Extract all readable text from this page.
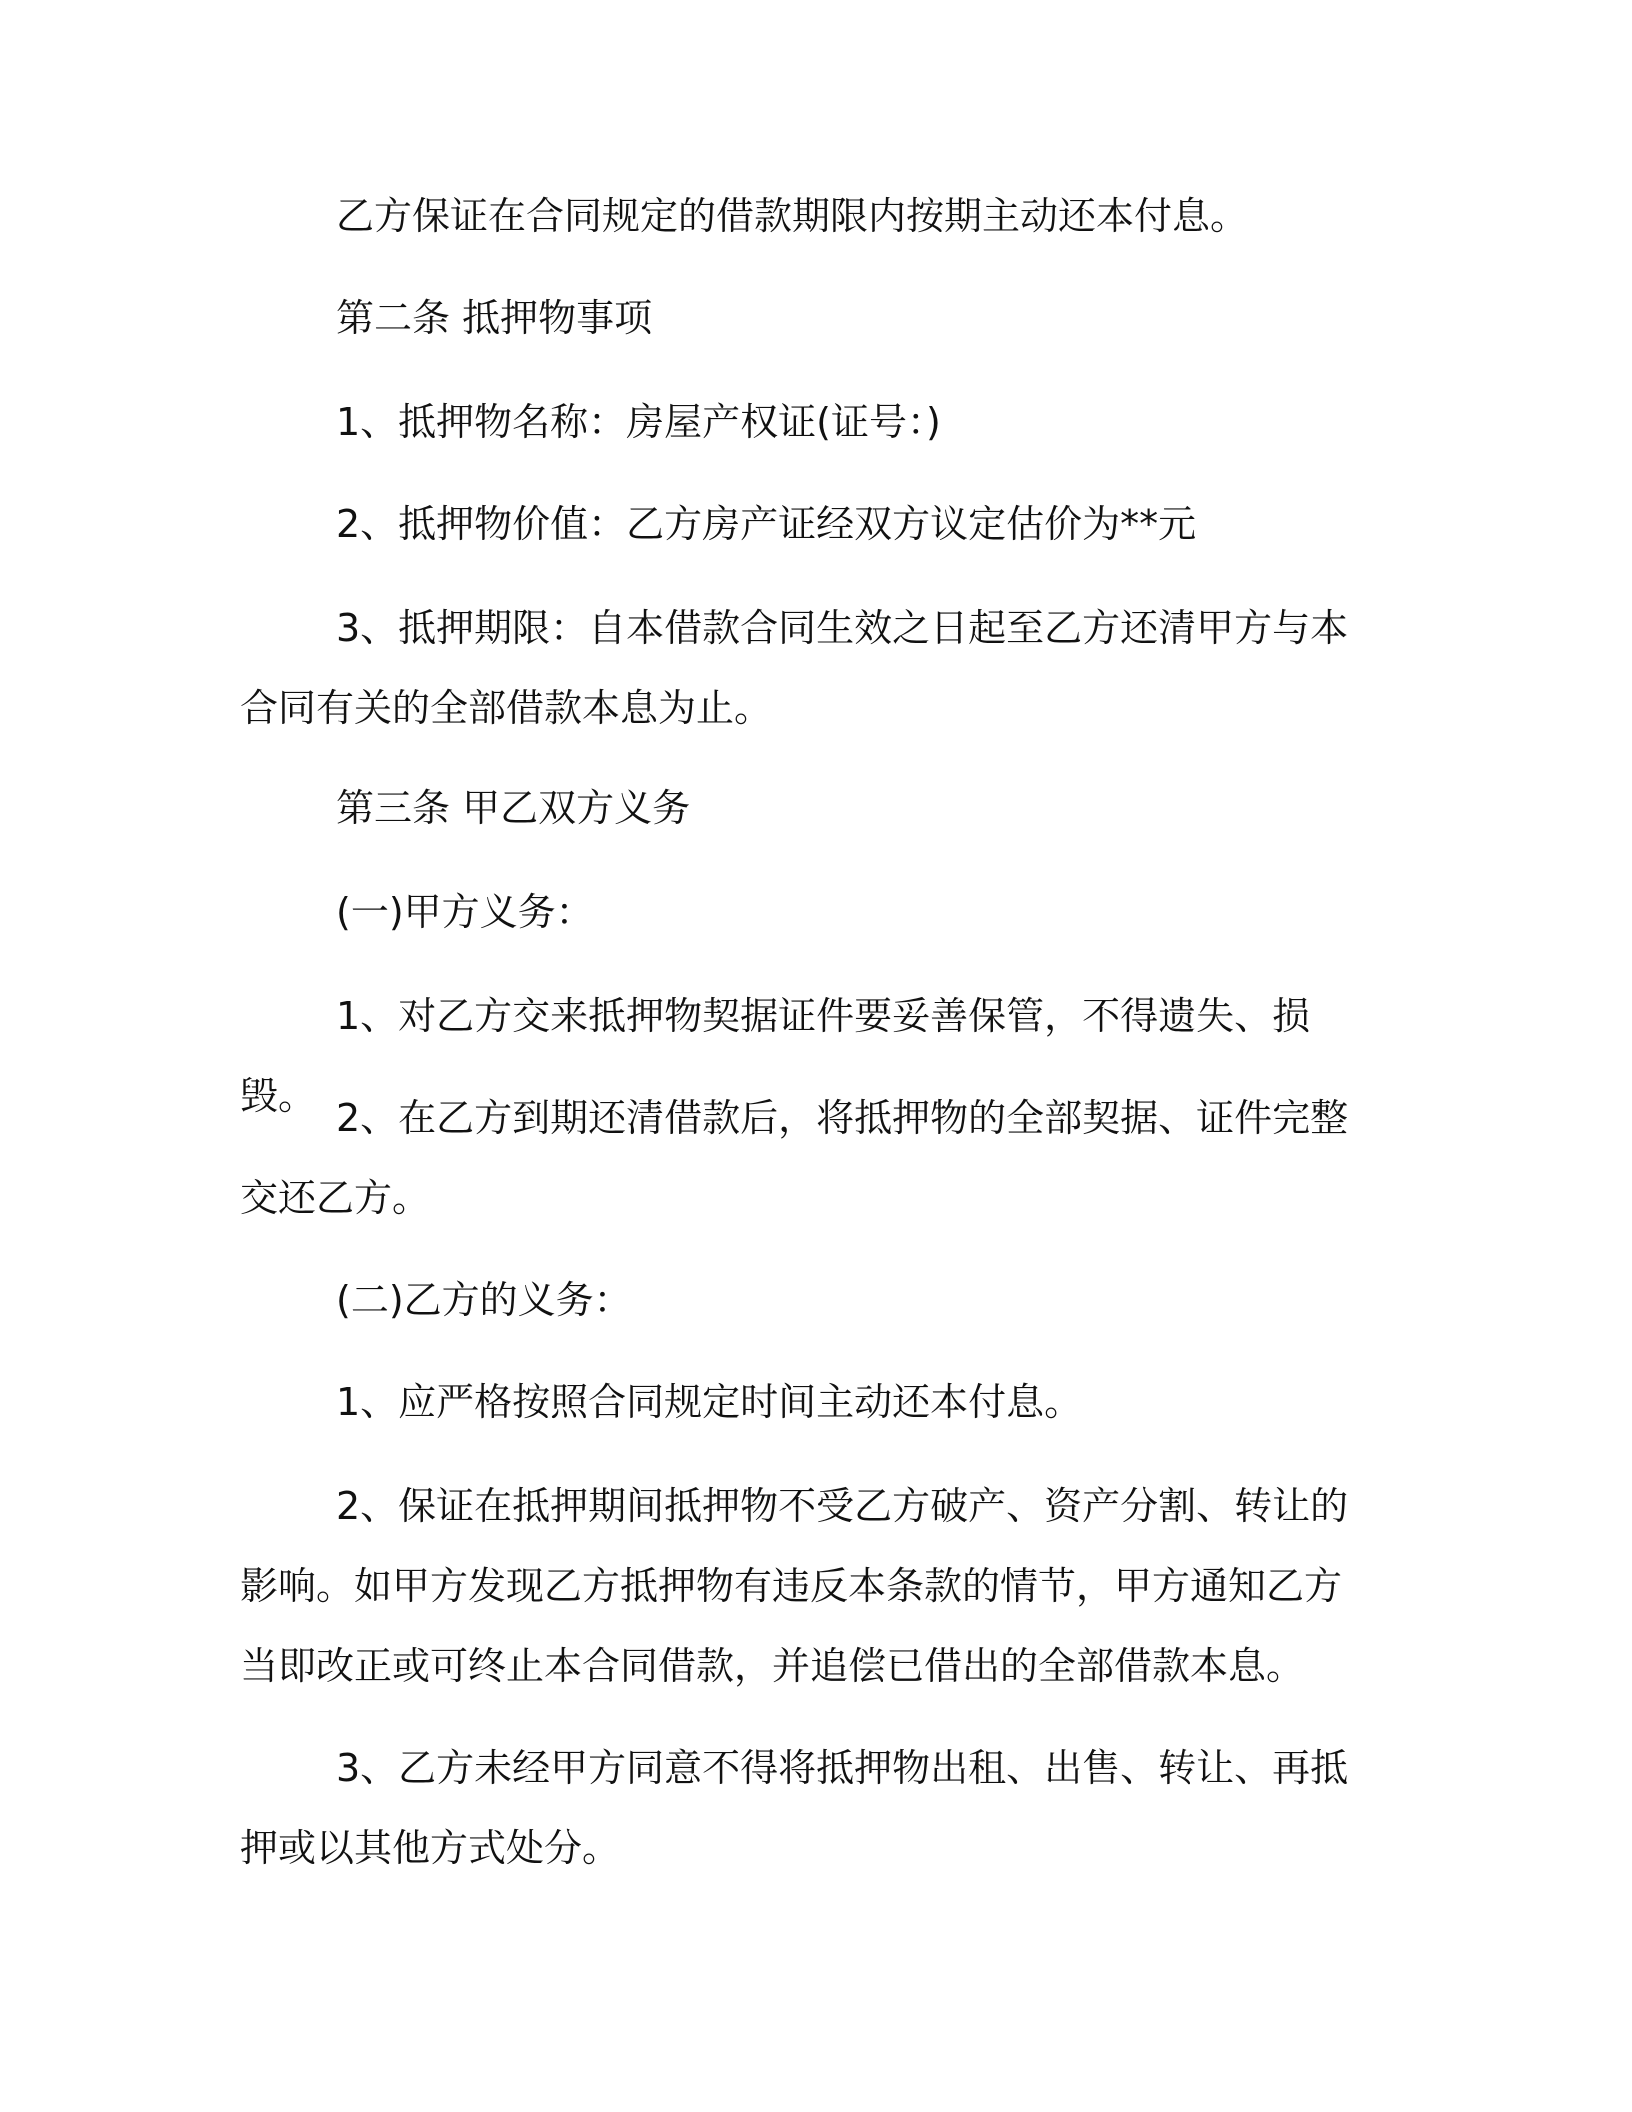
乙方保证在合同规定的借款期限内按期主动还本付息。
第二条 抵押物事项
1、抵押物名称：房屋产权证(证号：)
2、抵押物价值：乙方房产证经双方议定估价为**元
3、抵押期限：自本借款合同生效之日起至乙方还清甲方与本合同有关的全部借款本息为止。
第三条 甲乙双方义务
(一)甲方义务：
1、对乙方交来抵押物契据证件要妥善保管，不得遗失、损毁。 2、在乙方到期还清借款后，将抵押物的全部契据、证件完整交还乙方。
(二)乙方的义务：
1、应严格按照合同规定时间主动还本付息。
2、保证在抵押期间抵押物不受乙方破产、资产分割、转让的影响。如甲方发现乙方抵押物有违反本条款的情节，甲方通知乙方当即改正或可终止本合同借款，并追偿已借出的全部借款本息。
3、乙方未经甲方同意不得将抵押物出租、出售、转让、再抵押或以其他方式处分。
